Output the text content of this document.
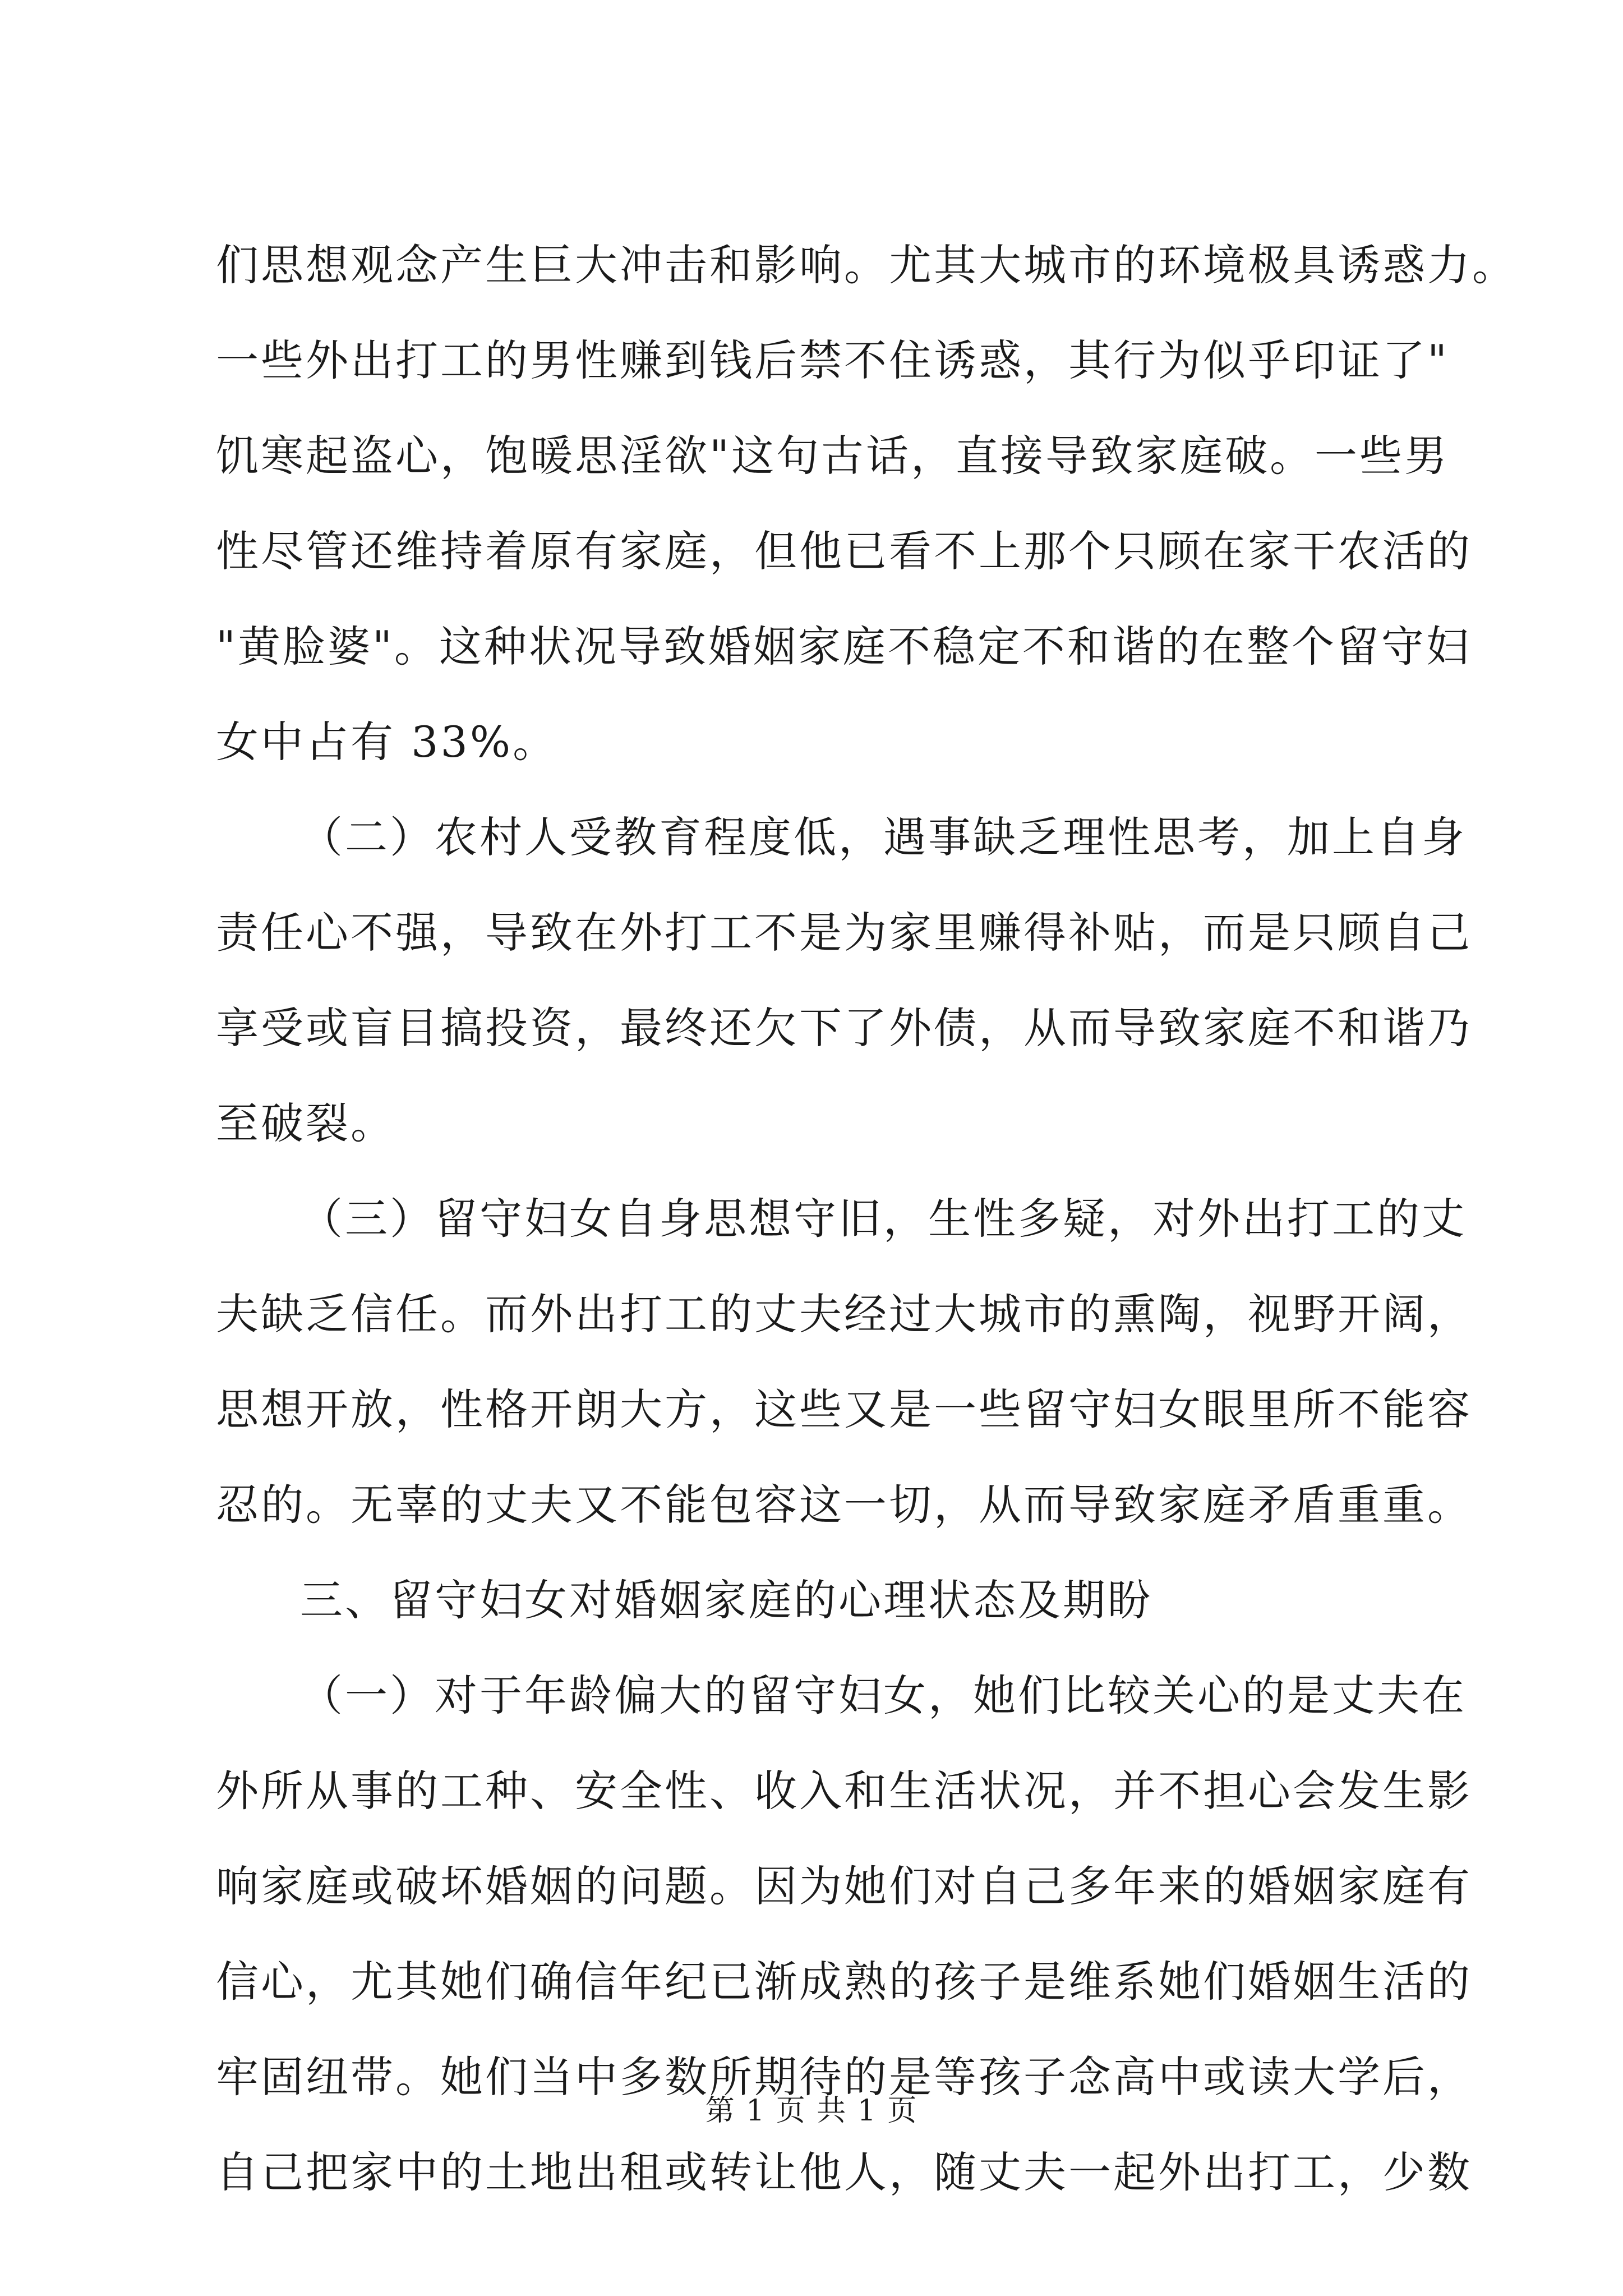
们思想观念产生巨大冲击和影响。尤其大城市的环境极具诱惑力。
一些外出打工的男性赚到钱后禁不住诱惑，其行为似乎印证了"
饥寒起盗心，饱暖思淫欲"这句古话，直接导致家庭破。一些男
性尽管还维持着原有家庭，但他已看不上那个只顾在家干农活的
"黄脸婆"。这种状况导致婚姻家庭不稳定不和谐的在整个留守妇
女中占有 33%。
（二）农村人受教育程度低，遇事缺乏理性思考，加上自身
责任心不强，导致在外打工不是为家里赚得补贴，而是只顾自己
享受或盲目搞投资，最终还欠下了外债，从而导致家庭不和谐乃
至破裂。
（三）留守妇女自身思想守旧，生性多疑，对外出打工的丈
夫缺乏信任。而外出打工的丈夫经过大城市的熏陶，视野开阔，
思想开放，性格开朗大方，这些又是一些留守妇女眼里所不能容
忍的。无辜的丈夫又不能包容这一切，从而导致家庭矛盾重重。
三、留守妇女对婚姻家庭的心理状态及期盼
（一）对于年龄偏大的留守妇女，她们比较关心的是丈夫在
外所从事的工种、安全性、收入和生活状况，并不担心会发生影
响家庭或破坏婚姻的问题。因为她们对自己多年来的婚姻家庭有
信心，尤其她们确信年纪已渐成熟的孩子是维系她们婚姻生活的
牢固纽带。她们当中多数所期待的是等孩子念高中或读大学后，
自己把家中的土地出租或转让他人，随丈夫一起外出打工，少数
第 1 页 共 1 页
